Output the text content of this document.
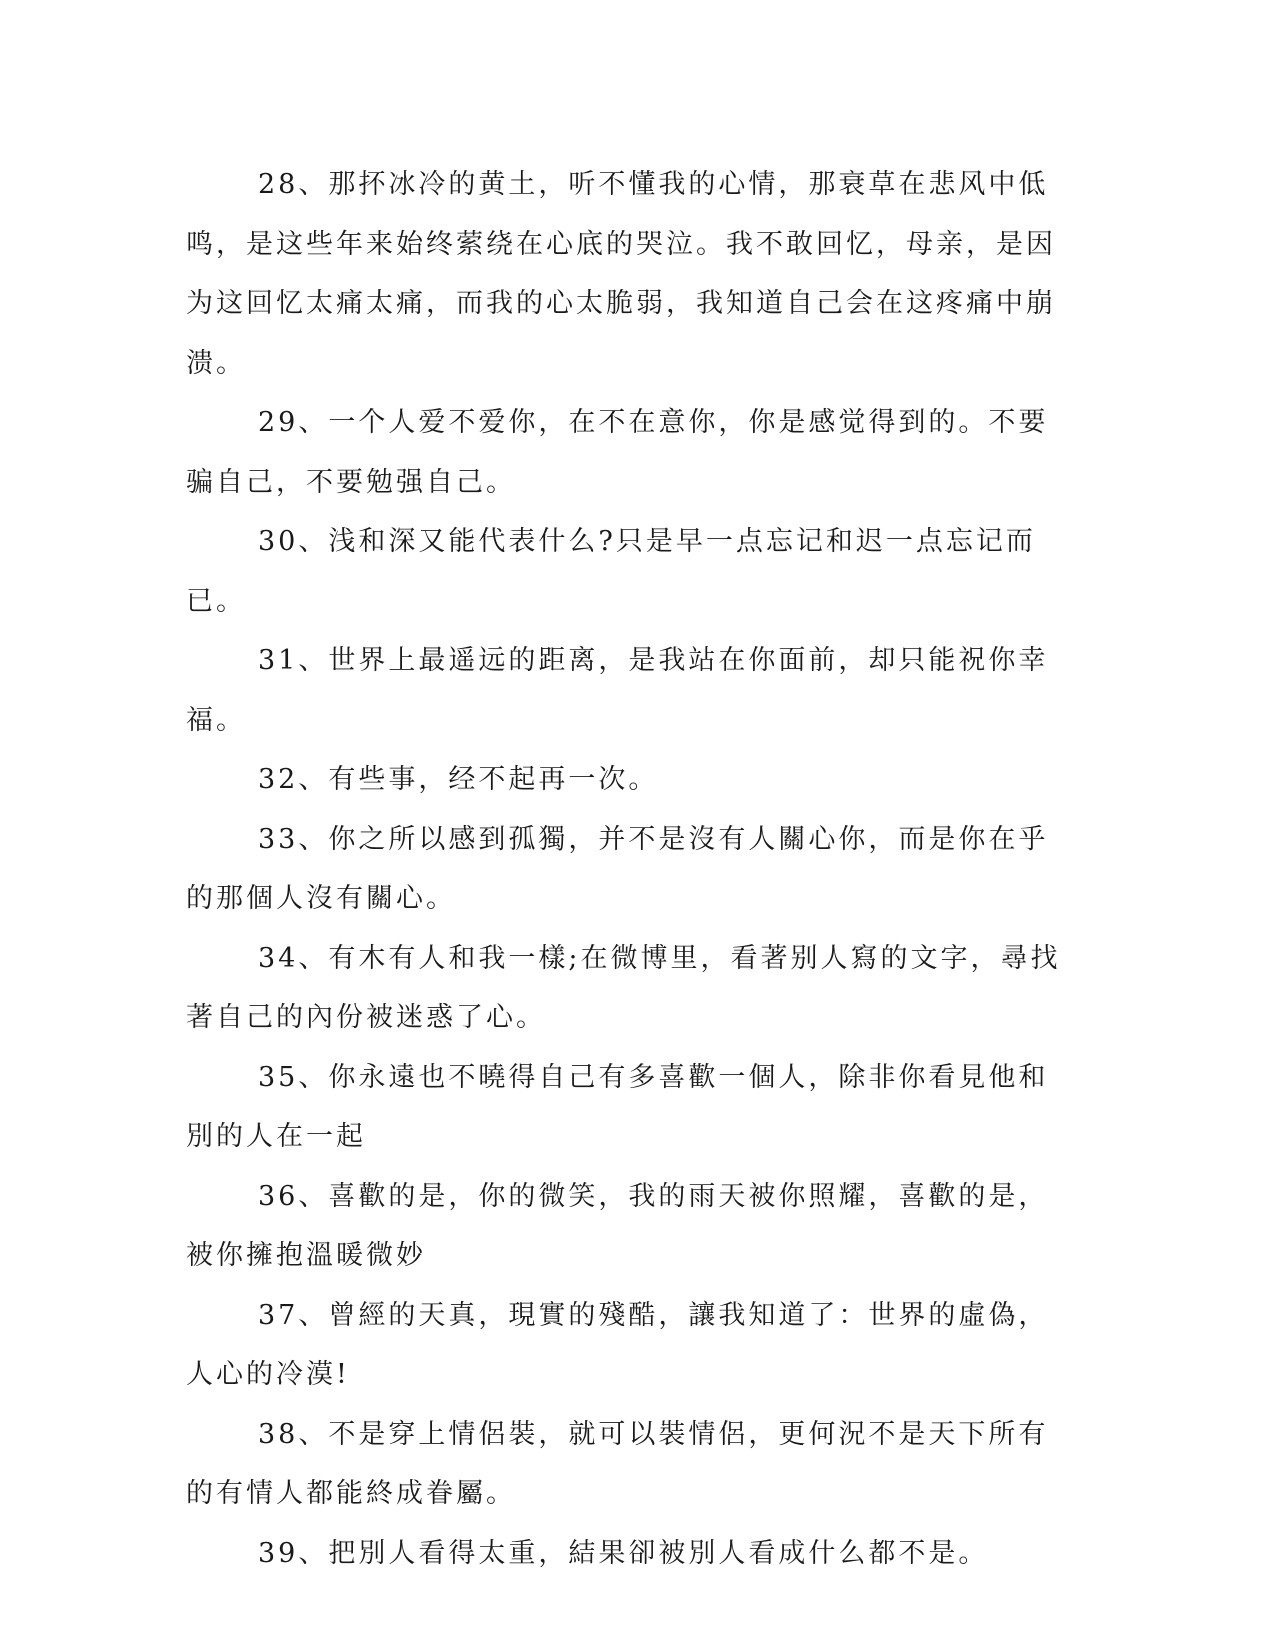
28、那抔冰冷的黄土，听不懂我的心情，那衰草在悲风中低鸣，是这些年来始终萦绕在心底的哭泣。我不敢回忆，母亲，是因为这回忆太痛太痛，而我的心太脆弱，我知道自己会在这疼痛中崩溃。

29、一个人爱不爱你，在不在意你，你是感觉得到的。不要骗自己，不要勉强自己。

30、浅和深又能代表什么?只是早一点忘记和迟一点忘记而已。

31、世界上最遥远的距离，是我站在你面前，却只能祝你幸福。

32、有些事，经不起再一次。

33、你之所以感到孤獨，并不是沒有人關心你，而是你在乎的那個人沒有關心。

34、有木有人和我一樣;在微博里，看著别人寫的文字，尋找著自己的內份被迷惑了心。

35、你永遠也不曉得自己有多喜歡一個人，除非你看見他和別的人在一起

36、喜歡的是，你的微笑，我的雨天被你照耀，喜歡的是，被你擁抱溫暖微妙

37、曾經的天真，現實的殘酷，讓我知道了：世界的虛偽，人心的冷漠!

38、不是穿上情侶裝，就可以裝情侶，更何況不是天下所有的有情人都能終成眷屬。

39、把別人看得太重，結果卻被別人看成什么都不是。
